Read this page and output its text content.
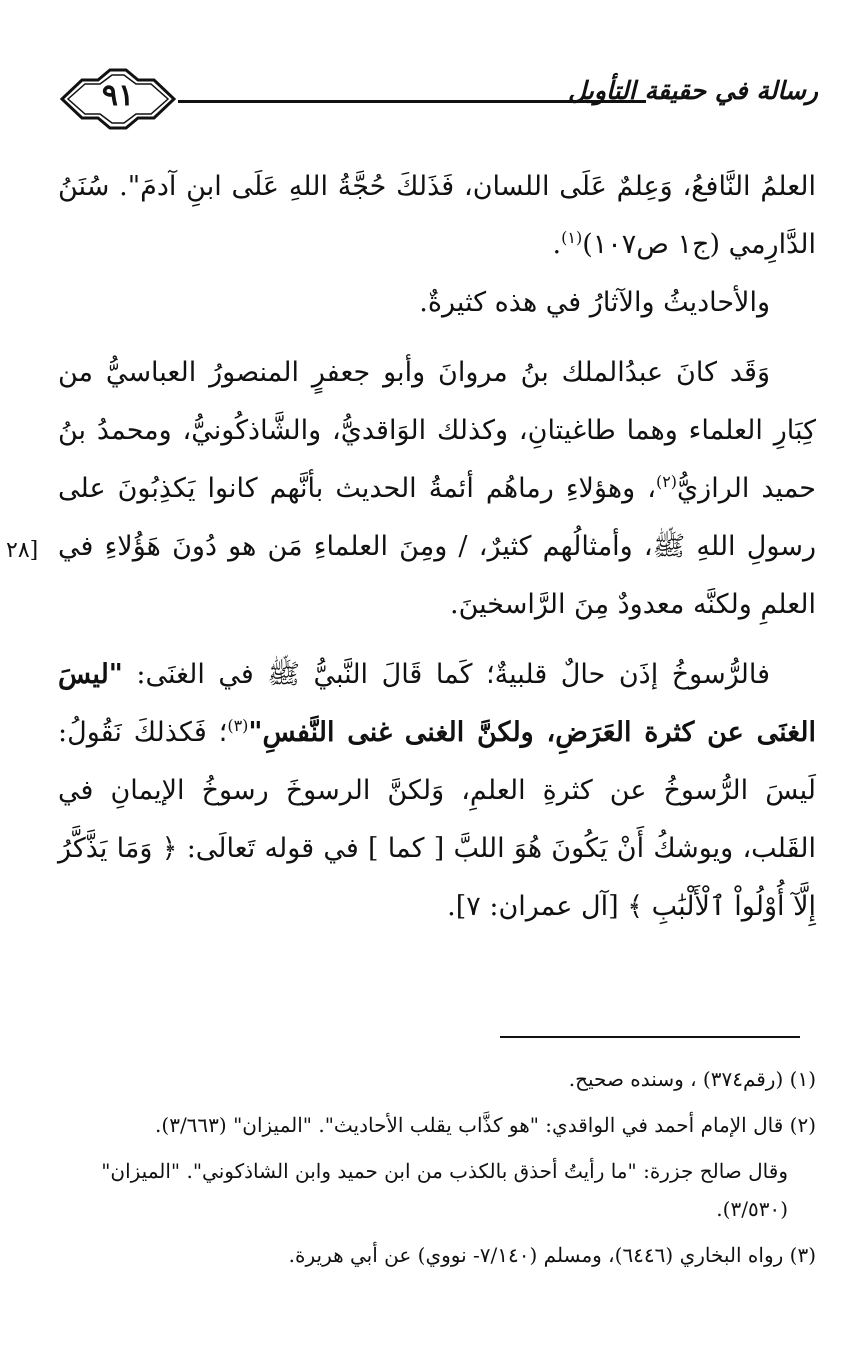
٩١	رسالة في حقيقة التأويل
[٢٨

العلمُ النَّافعُ، وَعِلمٌ عَلَى اللسان، فَذَلكَ حُجَّةُ اللهِ عَلَى ابنِ آدمَ". سُنَنُ الدَّارِمي (ج١ ص١٠٧)$^{(١)}$.

والأحاديثُ والآثارُ في هذه كثيرةٌ.

وَقَد كانَ عبدُالملك بنُ مروانَ وأبو جعفرٍ المنصورُ العباسيُّ من كِبَارِ العلماء وهما طاغيتانِ، وكذلك الوَاقديُّ، والشَّاذكُونيُّ، ومحمدُ بنُ حميد الرازيُّ$^{(٢)}$، وهؤلاءِ رماهُم أئمةُ الحديث بأنَّهم كانوا يَكذِبُونَ على رسولِ اللهِ ﷺ، وأمثالُهم كثيرٌ، / ومِنَ العلماءِ مَن هو دُونَ هَؤُلاءِ في العلمِ ولكنَّه معدودٌ مِنَ الرَّاسخينَ.

فالرُّسوخُ إذَن حالٌ قلبيةٌ؛ كَما قَالَ النَّبيُّ ﷺ في الغنَى: "ليسَ الغنَى عن كثرة العَرَضِ، ولكنَّ الغنى غنى النَّفسِ"$^{(٣)}$؛ فَكذلكَ نَقُولُ: لَيسَ الرُّسوخُ عن كثرةِ العلمِ، وَلكنَّ الرسوخَ رسوخُ الإيمانِ في القَلب، ويوشكُ أَنْ يَكُونَ هُوَ اللبَّ [ كما ] في قوله تَعالَى: ﴿ وَمَا يَذَّكَّرُ إِلَّآ أُوْلُواْ ٱلْأَلْبَٰبِ ﴾ [آل عمران: ٧].

(١) (رقم٣٧٤) ، وسنده صحيح.

(٢) قال الإمام أحمد في الواقدي: "هو كذَّاب يقلب الأحاديث". "الميزان" (٣/٦٦٣).

وقال صالح جزرة: "ما رأيتُ أحذق بالكذب من ابن حميد وابن الشاذكوني". "الميزان" (٣/٥٣٠).

(٣) رواه البخاري (٦٤٤٦)، ومسلم (٧/١٤٠- نووي) عن أبي هريرة.
